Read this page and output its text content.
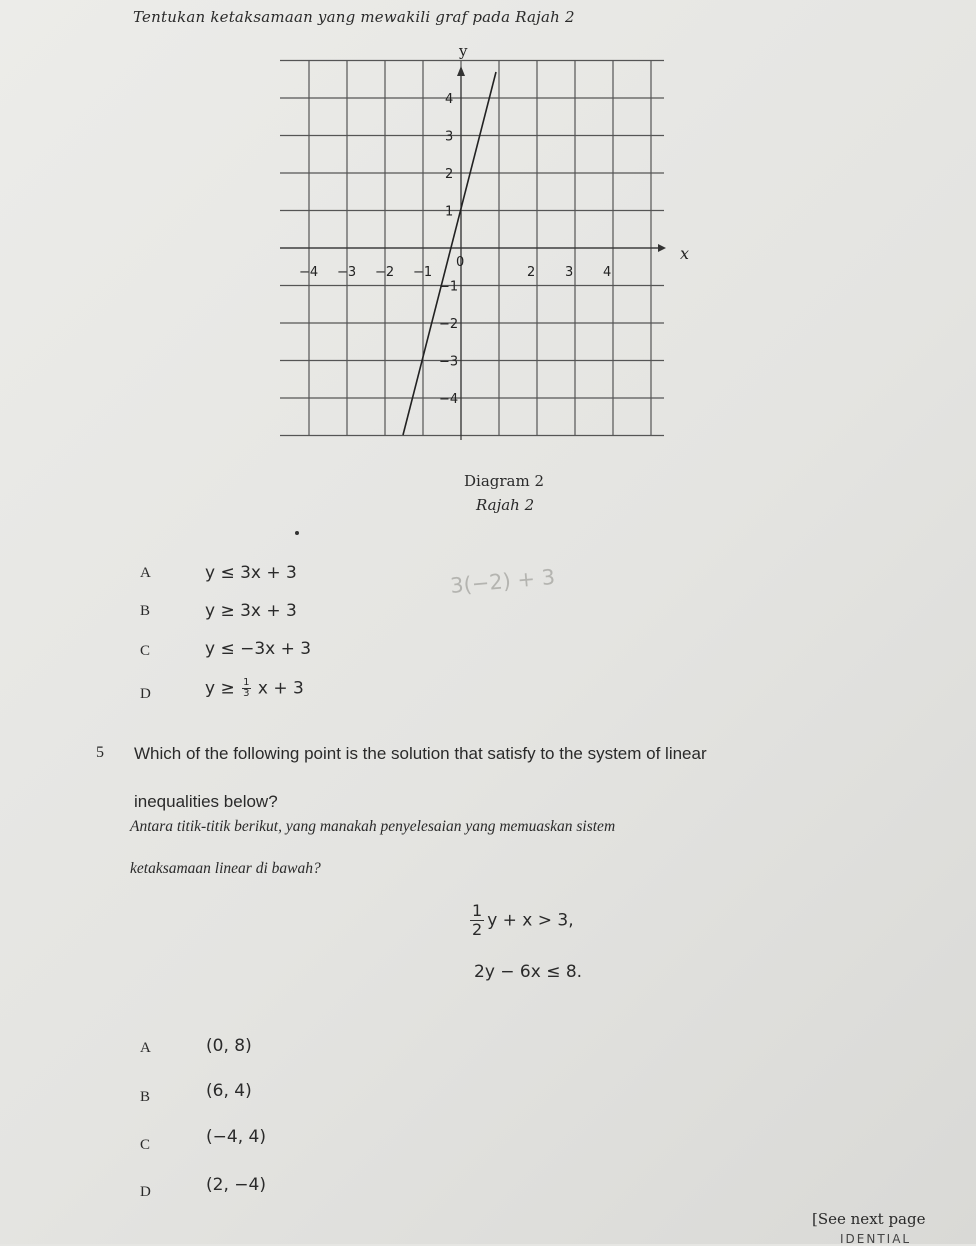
Tentukan ketaksamaan yang mewakili graf pada Rajah 2
y
x
0
−4 −3 −2 −1	2 3 4
4
3
2
1
−1
−2
−3
−4
Diagram 2
Rajah 2
A	y ≤ 3x + 3
B	y ≥ 3x + 3
C	y ≤ −3x + 3
D	$y \ge \frac{1}{3}$ x + 3
3(−2) + 3
5 Which of the following point is the solution that satisfy to the system of linear
inequalities below?
Antara titik-titik berikut, yang manakah penyelesaian yang memuaskan sistem
ketaksamaan linear di bawah?
$\frac{1}{2}$ y + x > 3,
2y − 6x ≤ 8.
A	(0, 8)
B	(6, 4)
C	(−4, 4)
D	(2, −4)
[See next page
IDENTIAL
